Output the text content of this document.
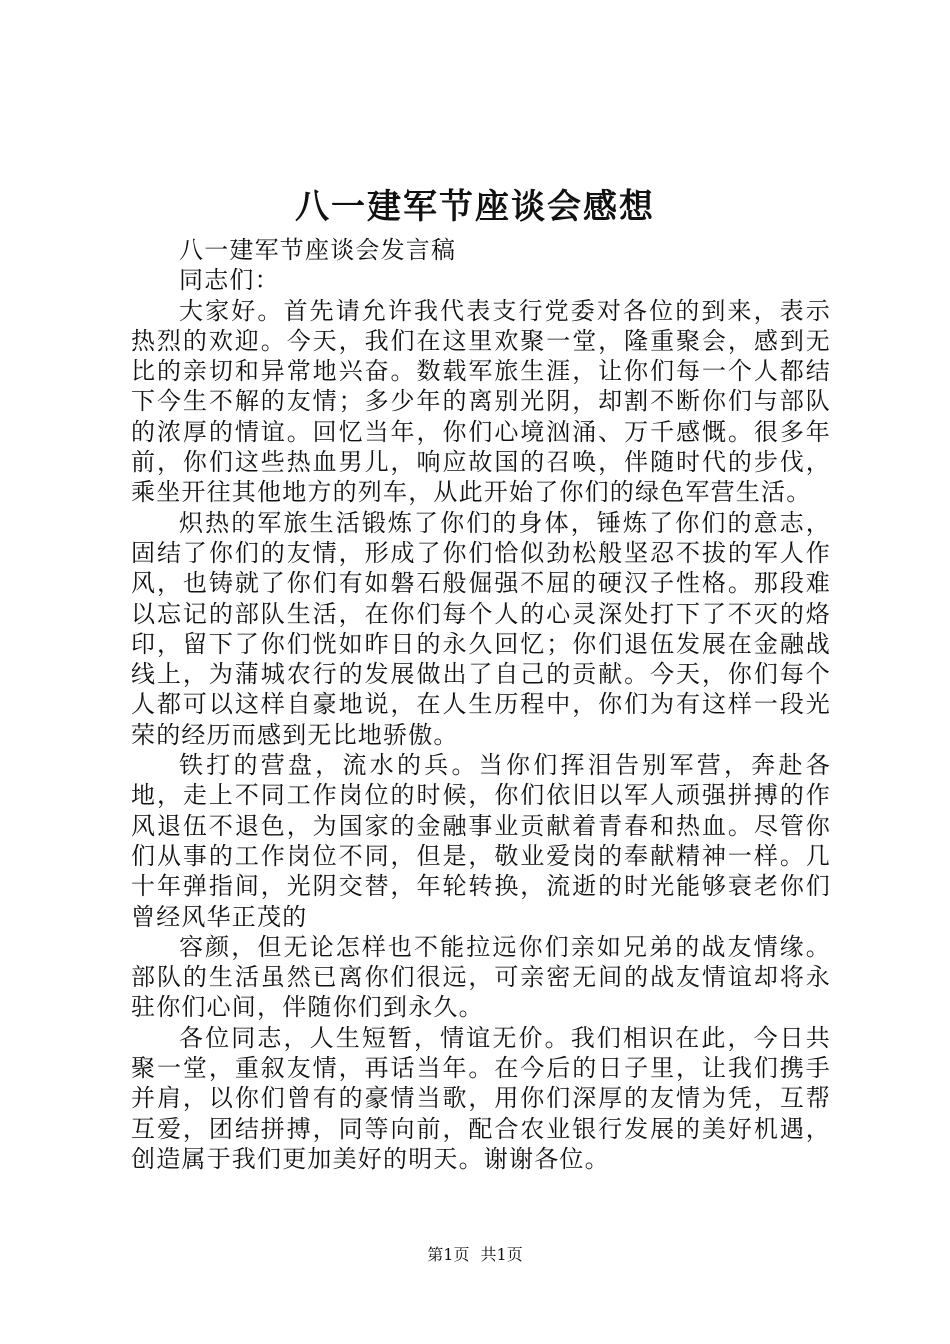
八一建军节座谈会感想

八一建军节座谈会发言稿

同志们：

大家好。首先请允许我代表支行党委对各位的到来，表示热烈的欢迎。今天，我们在这里欢聚一堂，隆重聚会，感到无比的亲切和异常地兴奋。数载军旅生涯，让你们每一个人都结下今生不解的友情；多少年的离别光阴，却割不断你们与部队的浓厚的情谊。回忆当年，你们心境汹涌、万千感慨。很多年前，你们这些热血男儿，响应故国的召唤，伴随时代的步伐，乘坐开往其他地方的列车，从此开始了你们的绿色军营生活。

炽热的军旅生活锻炼了你们的身体，锤炼了你们的意志，固结了你们的友情，形成了你们恰似劲松般坚忍不拔的军人作风，也铸就了你们有如磐石般倔强不屈的硬汉子性格。那段难以忘记的部队生活，在你们每个人的心灵深处打下了不灭的烙印，留下了你们恍如昨日的永久回忆；你们退伍发展在金融战线上，为蒲城农行的发展做出了自己的贡献。今天，你们每个人都可以这样自豪地说，在人生历程中，你们为有这样一段光荣的经历而感到无比地骄傲。

铁打的营盘，流水的兵。当你们挥泪告别军营，奔赴各地，走上不同工作岗位的时候，你们依旧以军人顽强拼搏的作风退伍不退色，为国家的金融事业贡献着青春和热血。尽管你们从事的工作岗位不同，但是，敬业爱岗的奉献精神一样。几十年弹指间，光阴交替，年轮转换，流逝的时光能够衰老你们曾经风华正茂的

容颜，但无论怎样也不能拉远你们亲如兄弟的战友情缘。部队的生活虽然已离你们很远，可亲密无间的战友情谊却将永驻你们心间，伴随你们到永久。

各位同志，人生短暂，情谊无价。我们相识在此，今日共聚一堂，重叙友情，再话当年。在今后的日子里，让我们携手并肩，以你们曾有的豪情当歌，用你们深厚的友情为凭，互帮互爱，团结拼搏，同等向前，配合农业银行发展的美好机遇，创造属于我们更加美好的明天。谢谢各位。

第1页 共1页
